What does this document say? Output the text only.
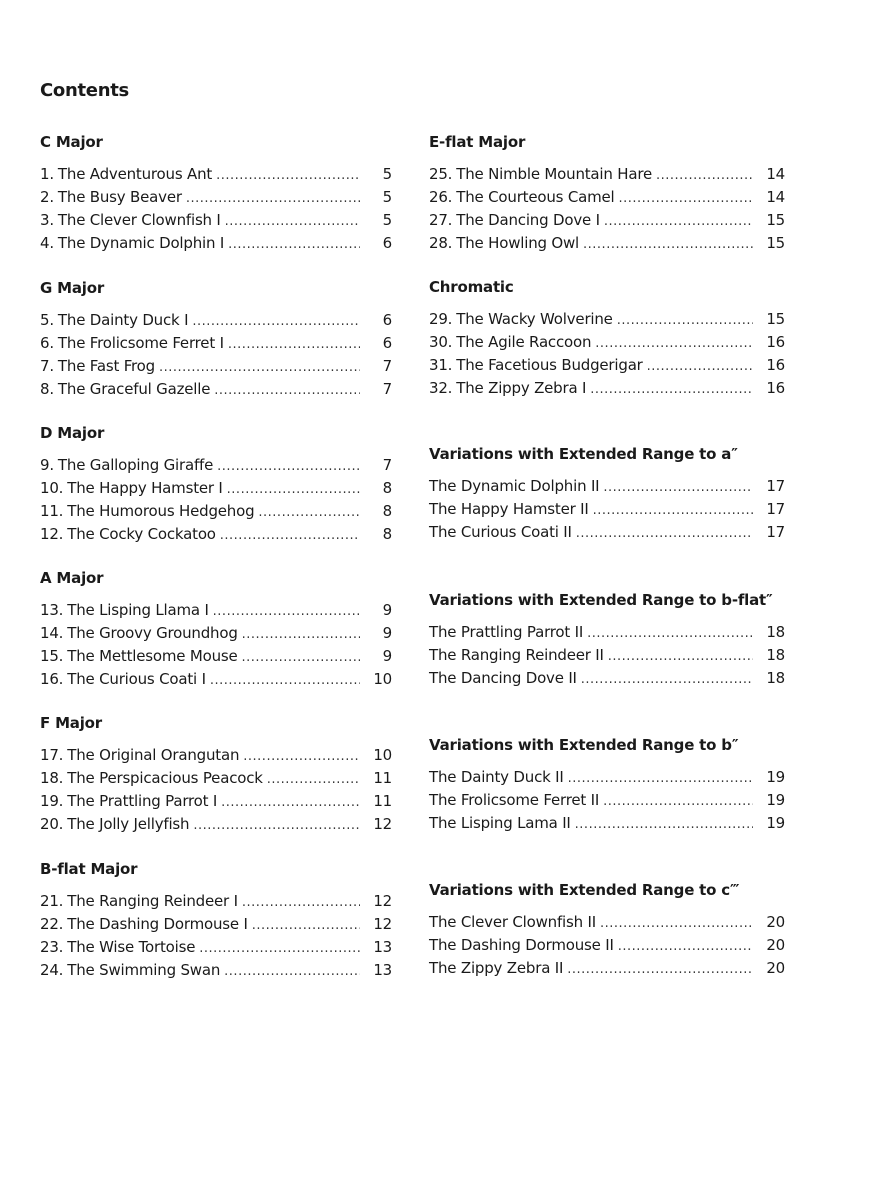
Contents
C Major
1. The Adventurous Ant .....	5
2. The Busy Beaver .....	5
3. The Clever Clownfish I .....	5
4. The Dynamic Dolphin I .....	6
G Major
5. The Dainty Duck I .....	6
6. The Frolicsome Ferret I .....	6
7. The Fast Frog .....	7
8. The Graceful Gazelle .....	7
D Major
9. The Galloping Giraffe .....	7
10. The Happy Hamster I .....	8
11. The Humorous Hedgehog .....	8
12. The Cocky Cockatoo .....	8
A Major
13. The Lisping Llama I .....	9
14. The Groovy Groundhog .....	9
15. The Mettlesome Mouse .....	9
16. The Curious Coati I .....	10
F Major
17. The Original Orangutan .....	10
18. The Perspicacious Peacock .....	11
19. The Prattling Parrot I .....	11
20. The Jolly Jellyfish .....	12
B-flat Major
21. The Ranging Reindeer I .....	12
22. The Dashing Dormouse I .....	12
23. The Wise Tortoise .....	13
24. The Swimming Swan .....	13
E-flat Major
25. The Nimble Mountain Hare .....	14
26. The Courteous Camel .....	14
27. The Dancing Dove I .....	15
28. The Howling Owl .....	15
Chromatic
29. The Wacky Wolverine .....	15
30. The Agile Raccoon .....	16
31. The Facetious Budgerigar .....	16
32. The Zippy Zebra I .....	16
Variations with Extended Range to a″
The Dynamic Dolphin II .....	17
The Happy Hamster II .....	17
The Curious Coati II .....	17
Variations with Extended Range to b-flat″
The Prattling Parrot II .....	18
The Ranging Reindeer II .....	18
The Dancing Dove II .....	18
Variations with Extended Range to b″
The Dainty Duck II .....	19
The Frolicsome Ferret II .....	19
The Lisping Lama II .....	19
Variations with Extended Range to c‴
The Clever Clownfish II .....	20
The Dashing Dormouse II .....	20
The Zippy Zebra II .....	20
